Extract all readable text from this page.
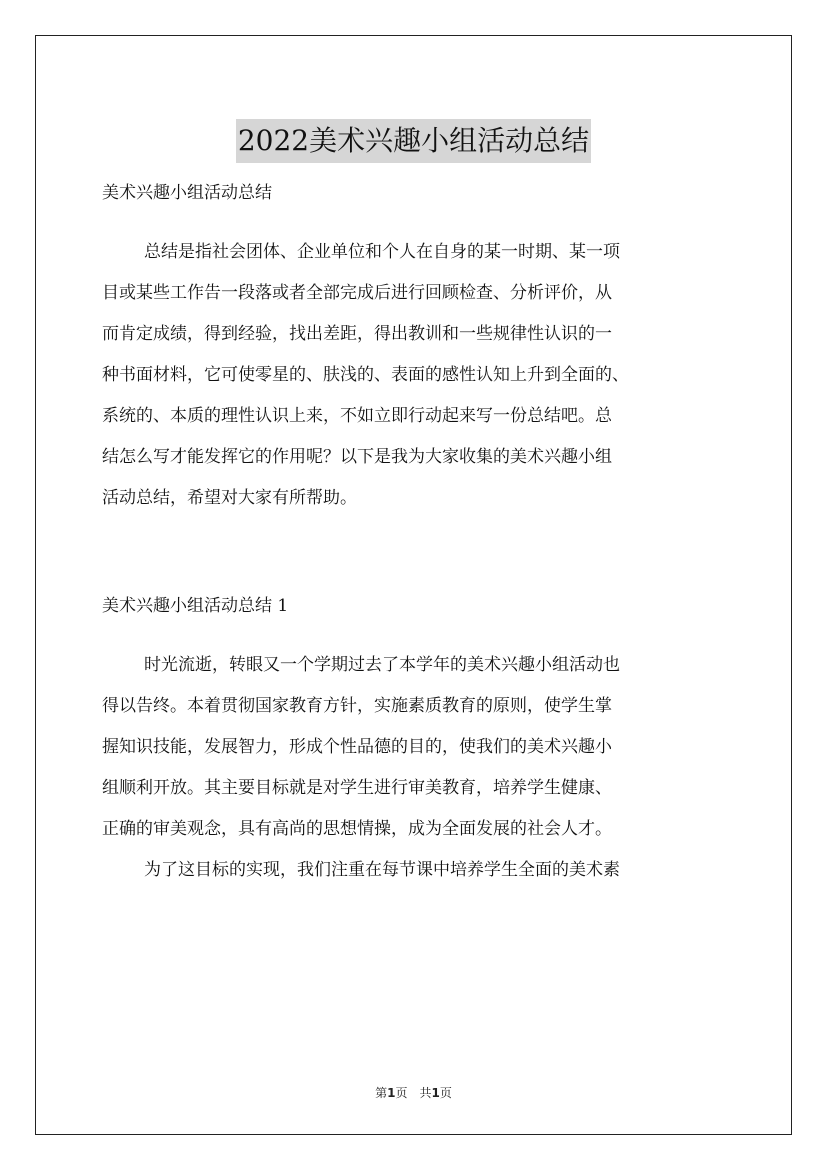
2022美术兴趣小组活动总结

美术兴趣小组活动总结

总结是指社会团体、企业单位和个人在自身的某一时期、某一项

目或某些工作告一段落或者全部完成后进行回顾检查、分析评价，从

而肯定成绩，得到经验，找出差距，得出教训和一些规律性认识的一

种书面材料，它可使零星的、肤浅的、表面的感性认知上升到全面的、

系统的、本质的理性认识上来，不如立即行动起来写一份总结吧。总

结怎么写才能发挥它的作用呢？以下是我为大家收集的美术兴趣小组

活动总结，希望对大家有所帮助。

美术兴趣小组活动总结 1

时光流逝，转眼又一个学期过去了本学年的美术兴趣小组活动也

得以告终。本着贯彻国家教育方针，实施素质教育的原则，使学生掌

握知识技能，发展智力，形成个性品德的目的，使我们的美术兴趣小

组顺利开放。其主要目标就是对学生进行审美教育，培养学生健康、

正确的审美观念，具有高尚的思想情操，成为全面发展的社会人才。

为了这目标的实现，我们注重在每节课中培养学生全面的美术素

第1页　共1页
